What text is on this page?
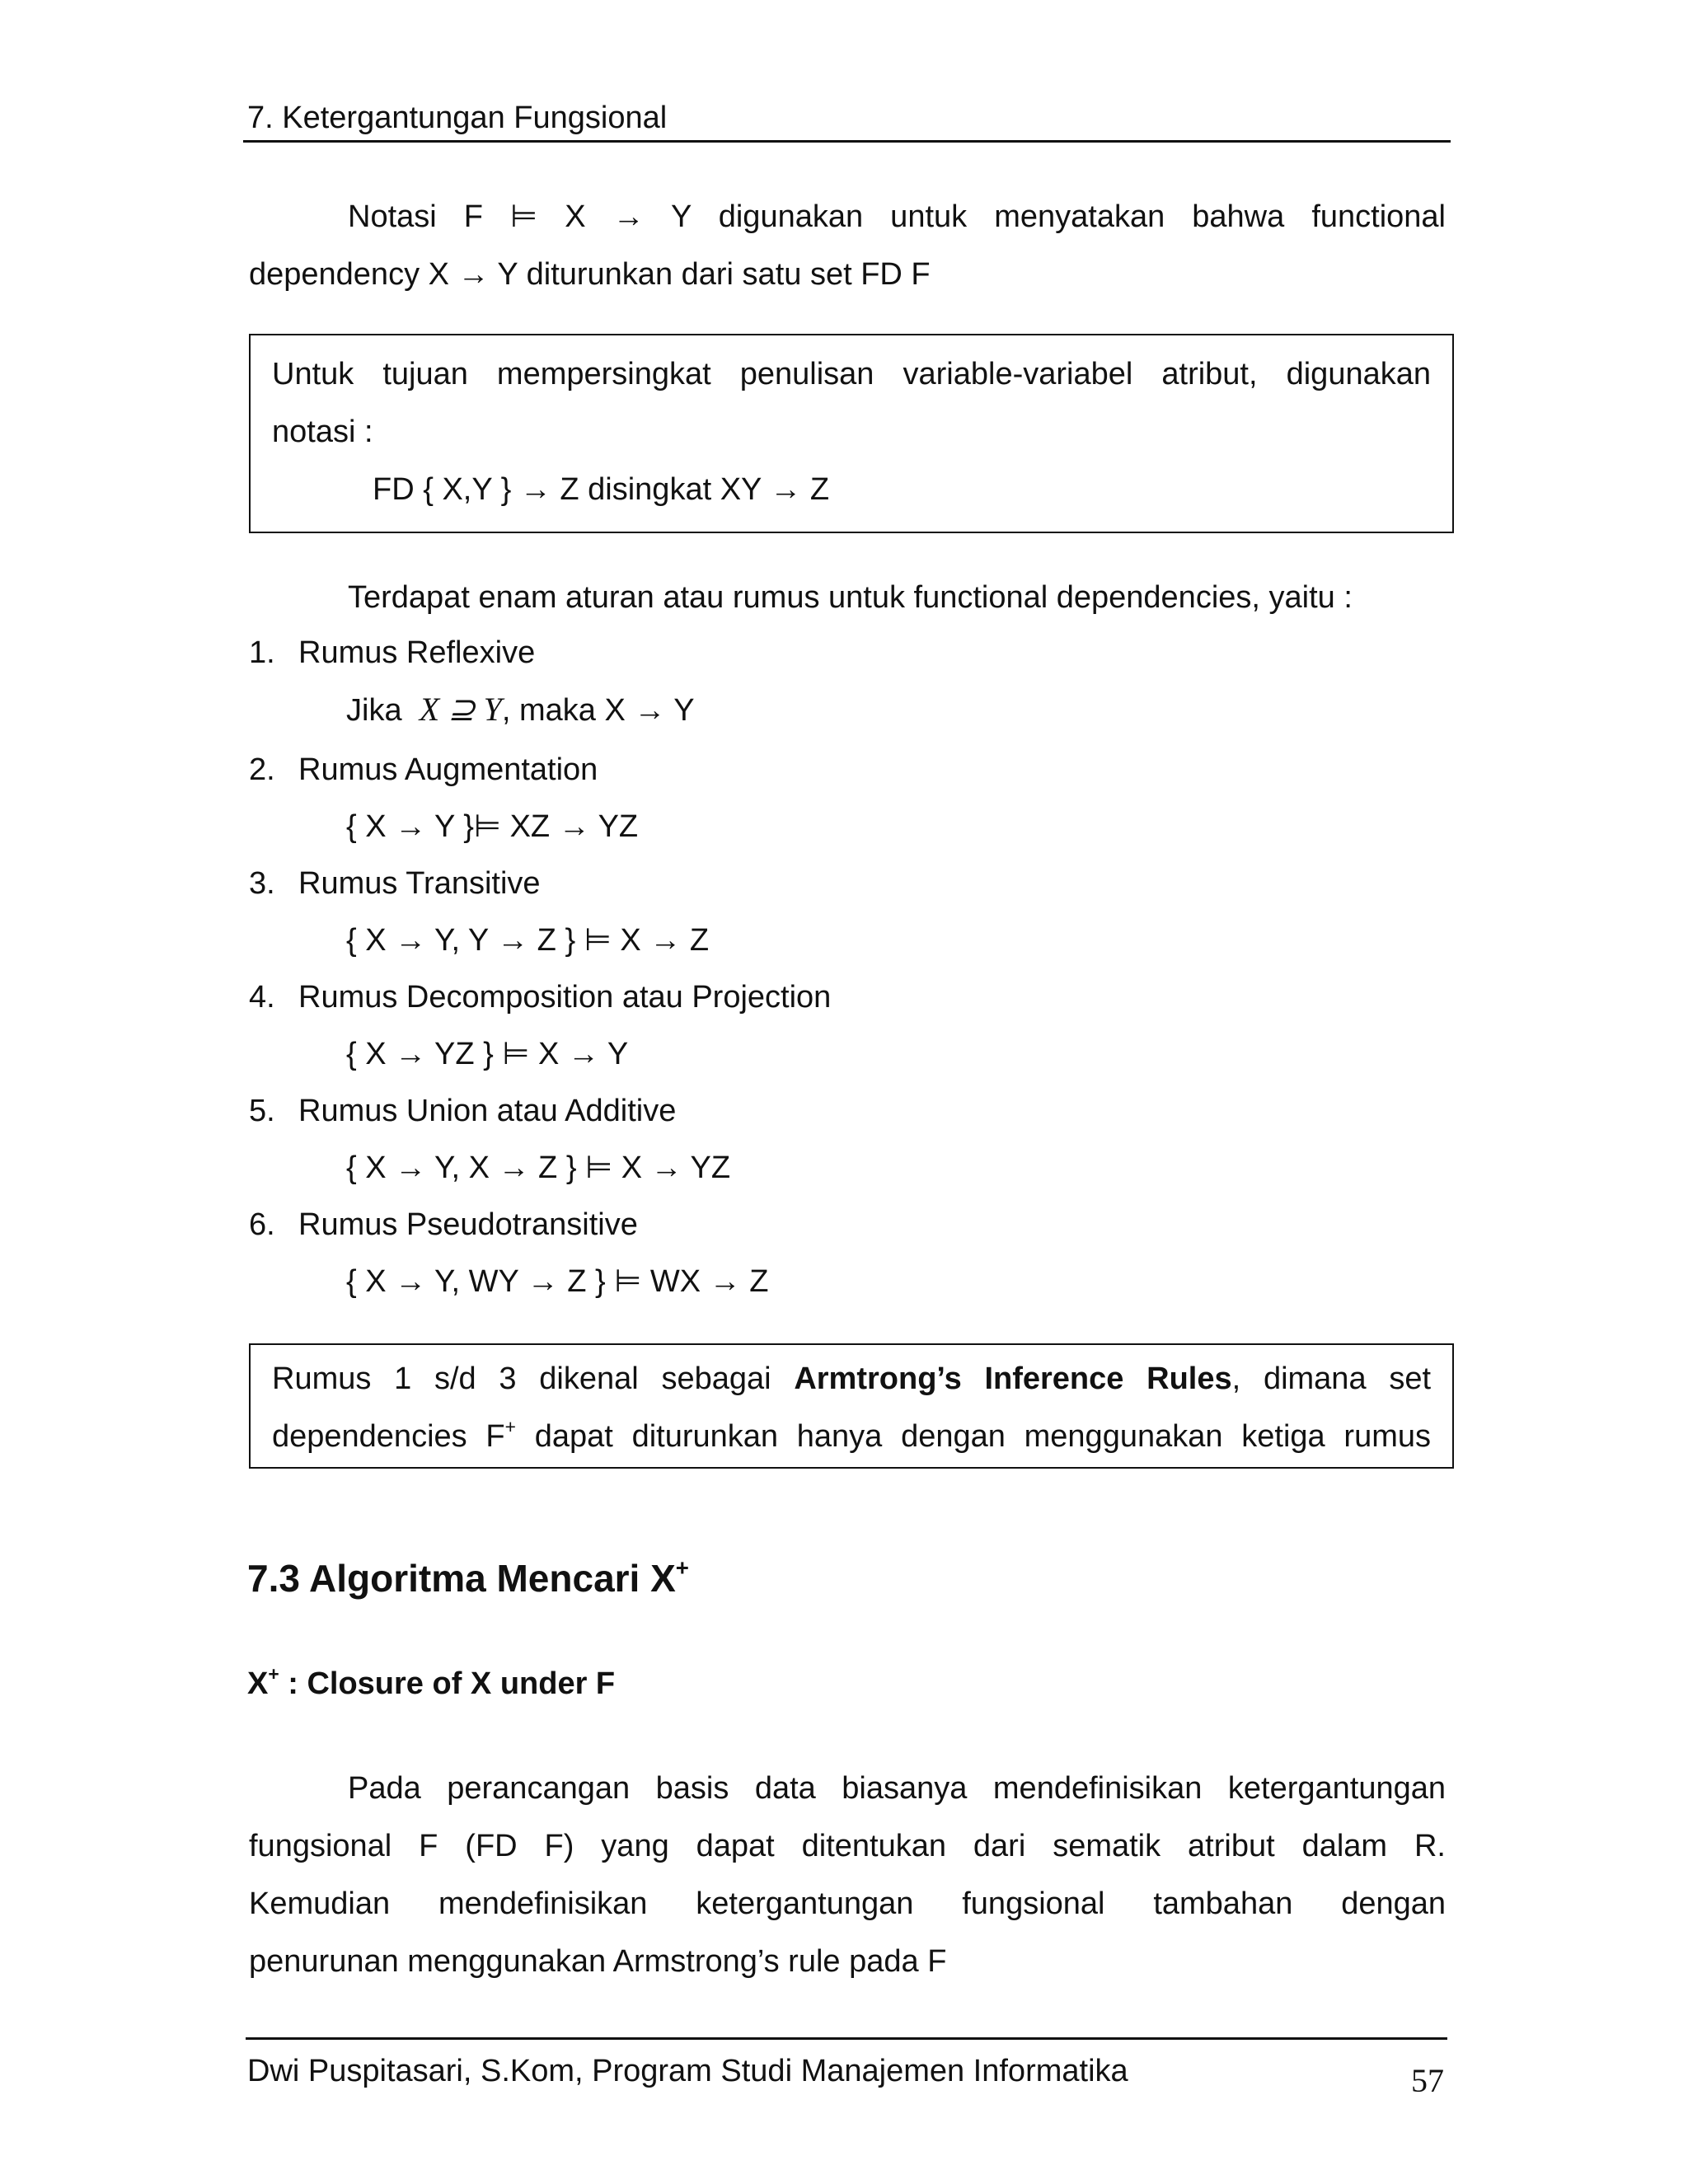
7. Ketergantungan Fungsional
Notasi F ⊨ X → Y digunakan untuk menyatakan bahwa functional
dependency X → Y diturunkan dari satu set FD F
Untuk tujuan mempersingkat penulisan variable-variabel atribut, digunakan
notasi :
FD { X,Y } → Z disingkat XY → Z
Terdapat enam aturan atau rumus untuk functional dependencies, yaitu :
1. Rumus Reflexive
Jika X ⊇ Y, maka X → Y
2. Rumus Augmentation
{ X → Y }⊨ XZ → YZ
3. Rumus Transitive
{ X → Y, Y → Z } ⊨ X → Z
4. Rumus Decomposition atau Projection
{ X → YZ } ⊨ X → Y
5. Rumus Union atau Additive
{ X → Y, X → Z } ⊨ X → YZ
6. Rumus Pseudotransitive
{ X → Y, WY → Z } ⊨ WX → Z
Rumus 1 s/d 3 dikenal sebagai Armtrong’s Inference Rules, dimana set
dependencies F+ dapat diturunkan hanya dengan menggunakan ketiga rumus
7.3 Algoritma Mencari X+
X+ : Closure of X under F
Pada perancangan basis data biasanya mendefinisikan ketergantungan
fungsional F (FD F) yang dapat ditentukan dari sematik atribut dalam R.
Kemudian mendefinisikan ketergantungan fungsional tambahan dengan
penurunan menggunakan Armstrong’s rule pada F
Dwi Puspitasari, S.Kom, Program Studi Manajemen Informatika	57
